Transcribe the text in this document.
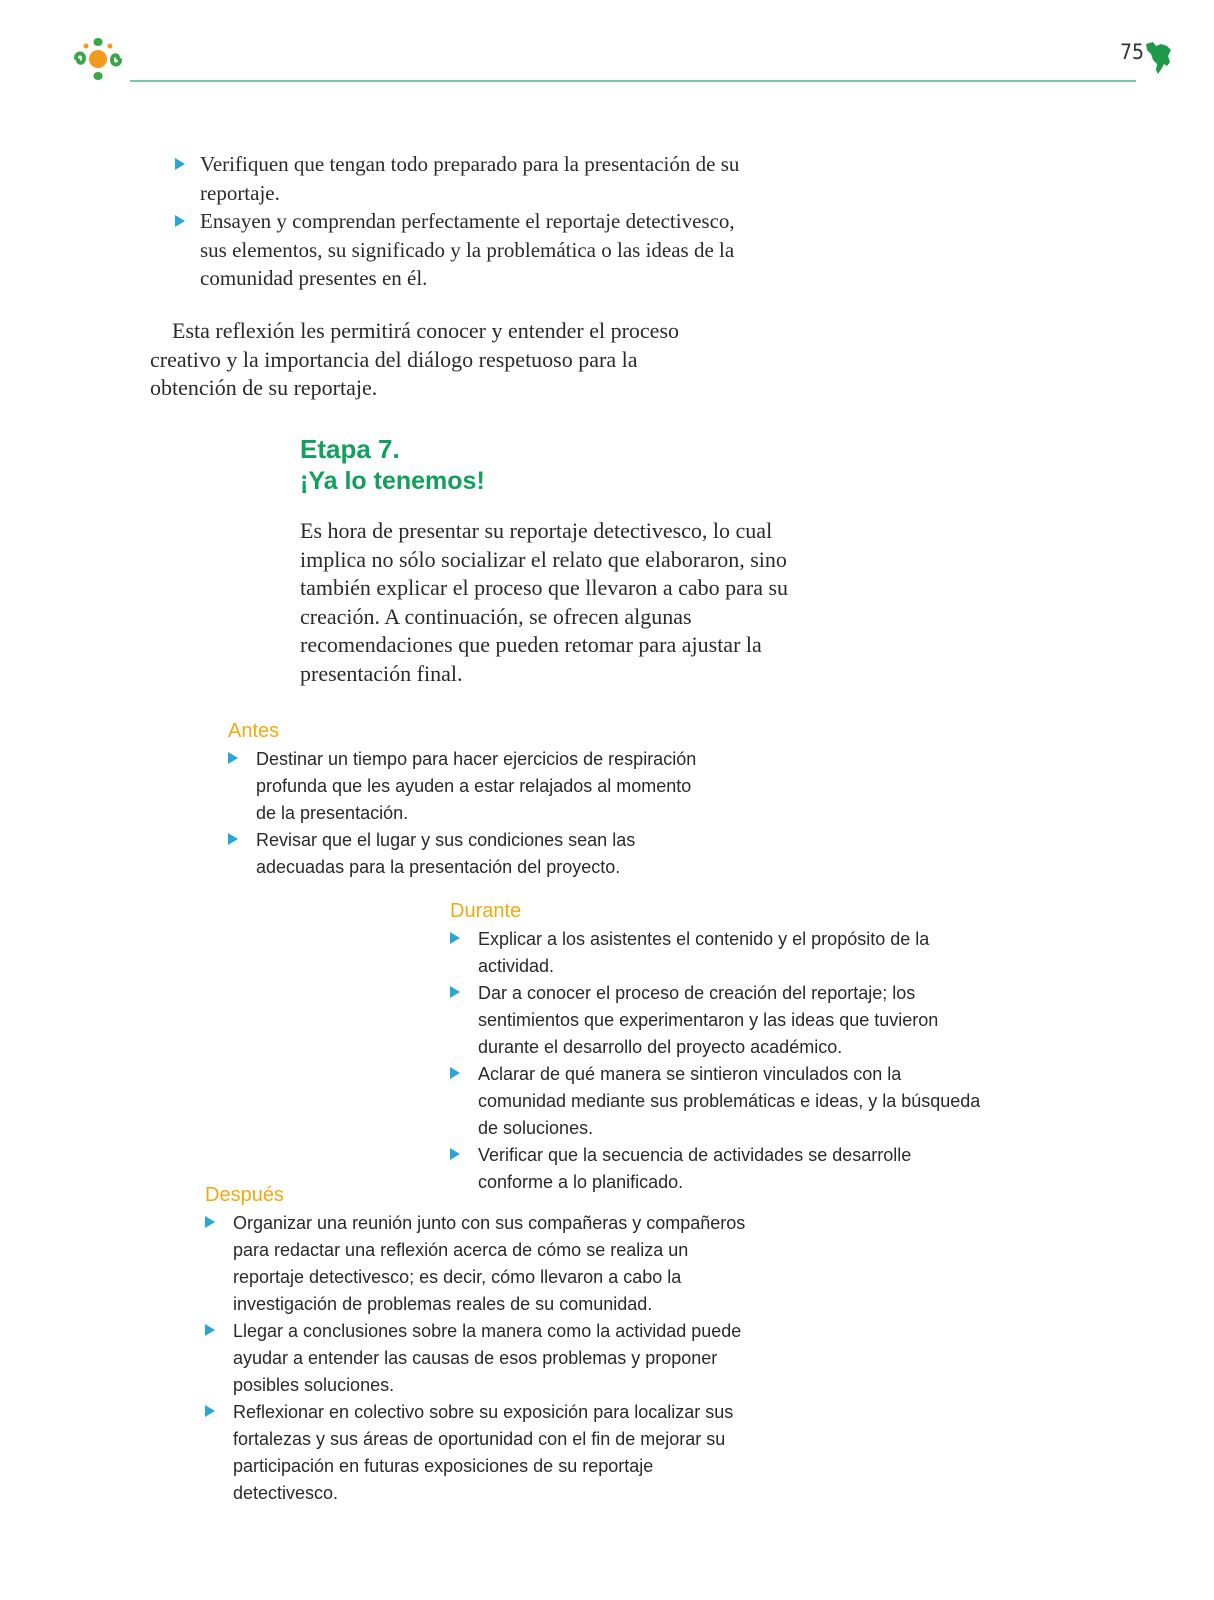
75
Verifiquen que tengan todo preparado para la presentación de su reportaje.
Ensayen y comprendan perfectamente el reportaje detectivesco, sus elementos, su significado y la problemática o las ideas de la comunidad presentes en él.

Esta reflexión les permitirá conocer y entender el proceso creativo y la importancia del diálogo respetuoso para la obtención de su reportaje.

Etapa 7.
¡Ya lo tenemos!

Es hora de presentar su reportaje detectivesco, lo cual implica no sólo socializar el relato que elaboraron, sino también explicar el proceso que llevaron a cabo para su creación. A continuación, se ofrecen algunas recomendaciones que pueden retomar para ajustar la presentación final.

Antes
Destinar un tiempo para hacer ejercicios de respiración profunda que les ayuden a estar relajados al momento de la presentación.
Revisar que el lugar y sus condiciones sean las adecuadas para la presentación del proyecto.
Durante
Explicar a los asistentes el contenido y el propósito de la actividad.
Dar a conocer el proceso de creación del reportaje; los sentimientos que experimentaron y las ideas que tuvieron durante el desarrollo del proyecto académico.
Aclarar de qué manera se sintieron vinculados con la comunidad mediante sus problemáticas e ideas, y la búsqueda de soluciones.
Verificar que la secuencia de actividades se desarrolle conforme a lo planificado.
Después
Organizar una reunión junto con sus compañeras y compañeros para redactar una reflexión acerca de cómo se realiza un reportaje detectivesco; es decir, cómo llevaron a cabo la investigación de problemas reales de su comunidad.
Llegar a conclusiones sobre la manera como la actividad puede ayudar a entender las causas de esos problemas y proponer posibles soluciones.
Reflexionar en colectivo sobre su exposición para localizar sus fortalezas y sus áreas de oportunidad con el fin de mejorar su participación en futuras exposiciones de su reportaje detectivesco.
